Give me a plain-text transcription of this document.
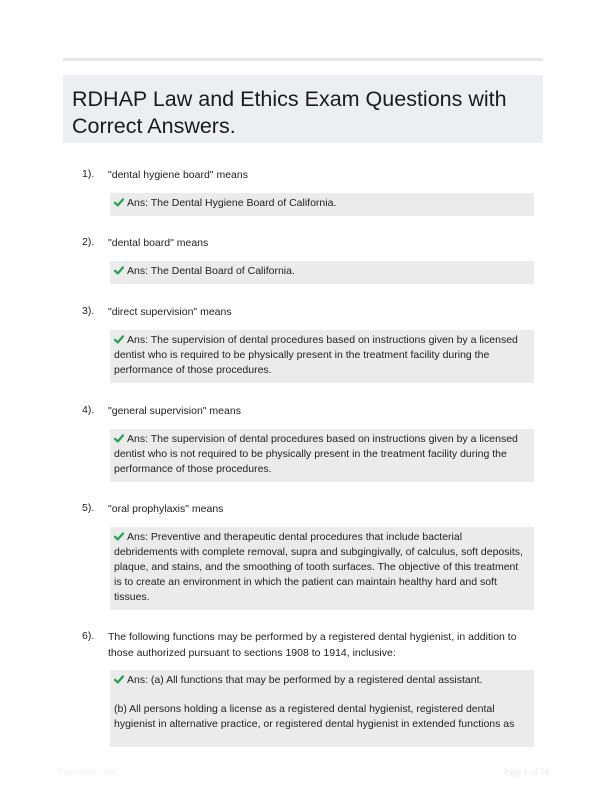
RDHAP Law and Ethics Exam Questions with Correct Answers.
1). "dental hygiene board" means
Ans: The Dental Hygiene Board of California.
2). "dental board" means
Ans: The Dental Board of California.
3). "direct supervision" means
Ans: The supervision of dental procedures based on instructions given by a licensed dentist who is required to be physically present in the treatment facility during the performance of those procedures.
4). "general supervision" means
Ans: The supervision of dental procedures based on instructions given by a licensed dentist who is not required to be physically present in the treatment facility during the performance of those procedures.
5). "oral prophylaxis" means
Ans: Preventive and therapeutic dental procedures that include bacterial debridements with complete removal, supra and subgingivally, of calculus, soft deposits, plaque, and stains, and the smoothing of tooth surfaces. The objective of this treatment is to create an environment in which the patient can maintain healthy hard and soft tissues.
6). The following functions may be performed by a registered dental hygienist, in addition to those authorized pursuant to sections 1908 to 1914, inclusive:
Ans: (a) All functions that may be performed by a registered dental assistant.
(b) All persons holding a license as a registered dental hygienist, registered dental hygienist in alternative practice, or registered dental hygienist in extended functions as
PaperBlic.com	Page 1 of 54
